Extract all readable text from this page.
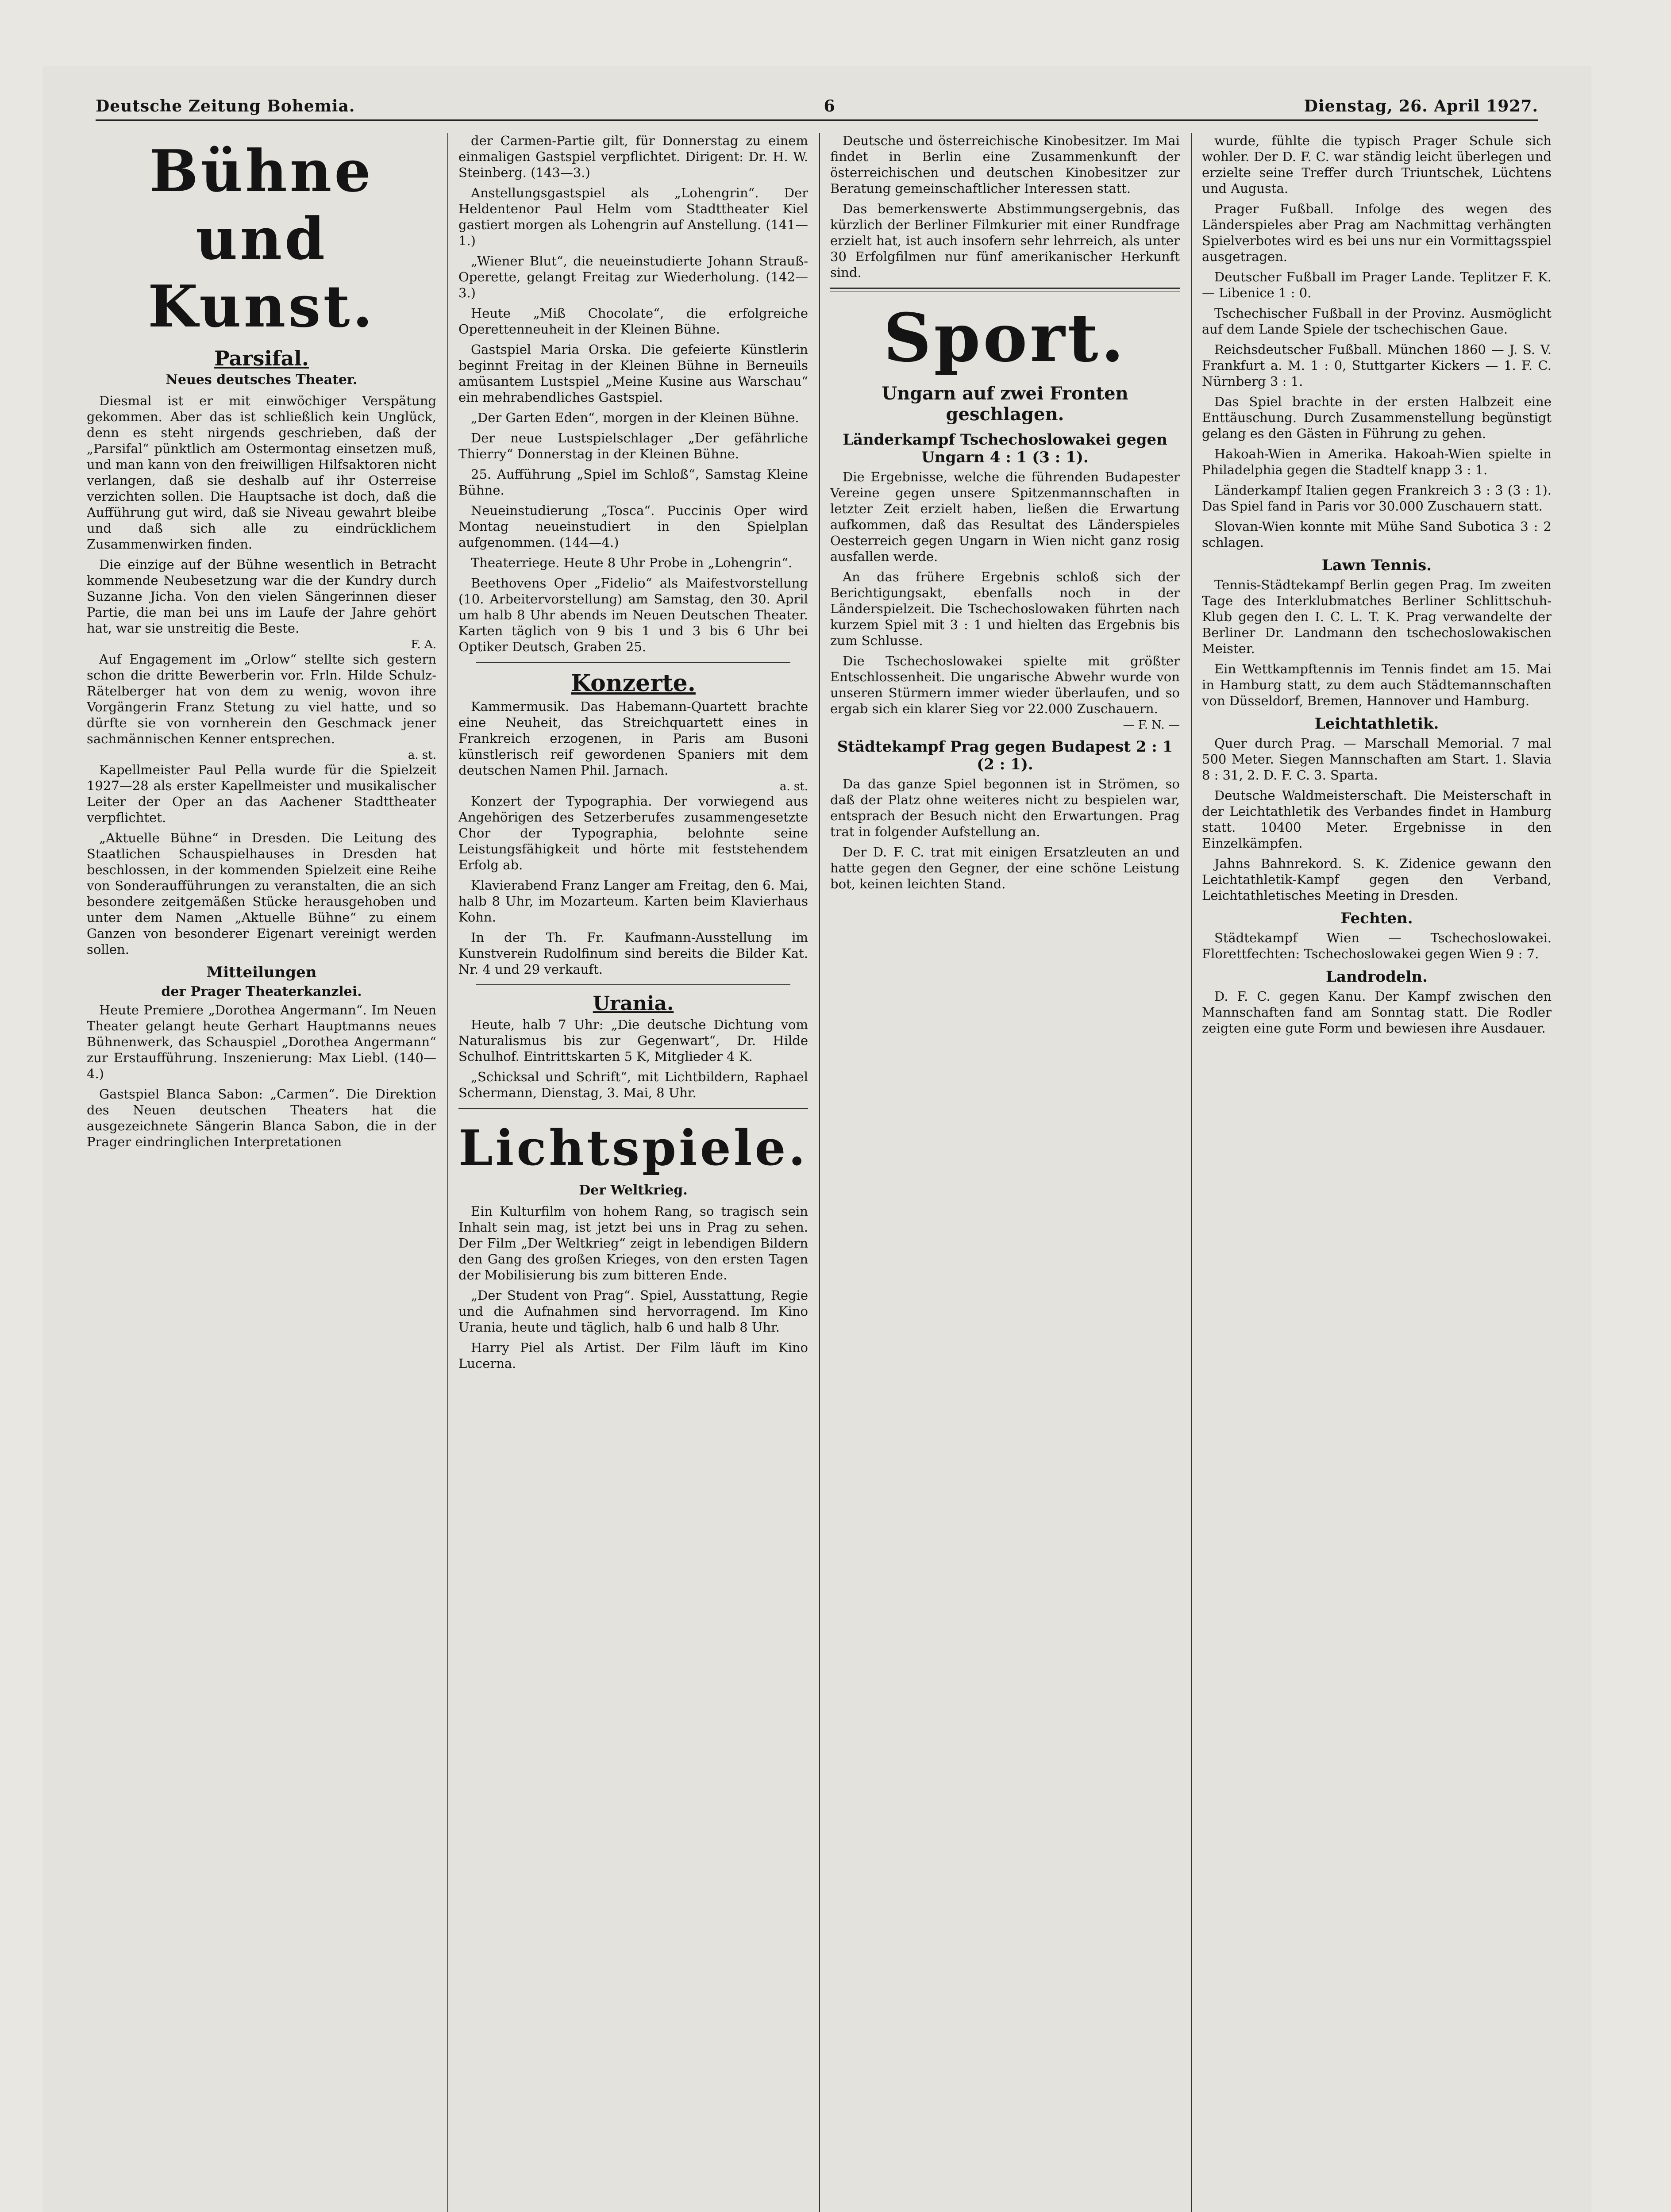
Deutsche Zeitung Bohemia.	6	Dienstag, 26. April 1927.
Bühne und Kunst.
Parsifal.
Neues deutsches Theater.

Diesmal ist er mit einwöchiger Verspätung gekommen. Aber das ist schließlich kein Unglück, denn es steht nirgends geschrieben, daß der „Parsifal“ pünktlich am Ostermontag einsetzen muß, und man kann von den freiwilligen Hilfsaktoren nicht verlangen, daß sie deshalb auf ihr Osterreise verzichten sollen. Die Hauptsache ist doch, daß die Aufführung gut wird, daß sie Niveau gewahrt bleibe und daß sich alle zu eindrücklichem Zusammenwirken finden.

Die einzige auf der Bühne wesentlich in Betracht kommende Neubesetzung war die der Kundry durch Suzanne Jicha. Von den vielen Sängerinnen dieser Partie, die man bei uns im Laufe der Jahre gehört hat, war sie unstreitig die Beste.

F. A.

Auf Engagement im „Orlow“ stellte sich gestern schon die dritte Bewerberin vor. Frln. Hilde Schulz-Rätelberger hat von dem zu wenig, wovon ihre Vorgängerin Franz Stetung zu viel hatte, und so dürfte sie von vornherein den Geschmack jener sachmännischen Kenner entsprechen.

a. st.

Kapellmeister Paul Pella wurde für die Spielzeit 1927—28 als erster Kapellmeister und musikalischer Leiter der Oper an das Aachener Stadttheater verpflichtet.

„Aktuelle Bühne“ in Dresden. Die Leitung des Staatlichen Schauspielhauses in Dresden hat beschlossen, in der kommenden Spielzeit eine Reihe von Sonderaufführungen zu veranstalten, die an sich besondere zeitgemäßen Stücke herausgehoben und unter dem Namen „Aktuelle Bühne“ zu einem Ganzen von besonderer Eigenart vereinigt werden sollen.

Mitteilungen
der Prager Theaterkanzlei.

Heute Premiere „Dorothea Angermann“. Im Neuen Theater gelangt heute Gerhart Hauptmanns neues Bühnenwerk, das Schauspiel „Dorothea Angermann“ zur Erstaufführung. Inszenierung: Max Liebl. (140—4.)

Gastspiel Blanca Sabon: „Carmen“. Die Direktion des Neuen deutschen Theaters hat die ausgezeichnete Sängerin Blanca Sabon, die in der Prager eindringlichen Interpretationen

der Carmen-Partie gilt, für Donnerstag zu einem einmaligen Gastspiel verpflichtet. Dirigent: Dr. H. W. Steinberg. (143—3.)

Anstellungsgastspiel als „Lohengrin“. Der Heldentenor Paul Helm vom Stadttheater Kiel gastiert morgen als Lohengrin auf Anstellung. (141—1.)

„Wiener Blut“, die neueinstudierte Johann Strauß-Operette, gelangt Freitag zur Wiederholung. (142—3.)

Heute „Miß Chocolate“, die erfolgreiche Operettenneuheit in der Kleinen Bühne.

Gastspiel Maria Orska. Die gefeierte Künstlerin beginnt Freitag in der Kleinen Bühne in Berneuils amüsantem Lustspiel „Meine Kusine aus Warschau“ ein mehrabendliches Gastspiel.

„Der Garten Eden“, morgen in der Kleinen Bühne.

Der neue Lustspielschlager „Der gefährliche Thierry“ Donnerstag in der Kleinen Bühne.

25. Aufführung „Spiel im Schloß“, Samstag Kleine Bühne.

Neueinstudierung „Tosca“. Puccinis Oper wird Montag neueinstudiert in den Spielplan aufgenommen. (144—4.)

Theaterriege. Heute 8 Uhr Probe in „Lohengrin“.

Beethovens Oper „Fidelio“ als Maifestvorstellung (10. Arbeitervorstellung) am Samstag, den 30. April um halb 8 Uhr abends im Neuen Deutschen Theater. Karten täglich von 9 bis 1 und 3 bis 6 Uhr bei Optiker Deutsch, Graben 25.

Konzerte.

Kammermusik. Das Habemann-Quartett brachte eine Neuheit, das Streichquartett eines in Frankreich erzogenen, in Paris am Busoni künstlerisch reif gewordenen Spaniers mit dem deutschen Namen Phil. Jarnach.

a. st.

Konzert der Typographia. Der vorwiegend aus Angehörigen des Setzerberufes zusammengesetzte Chor der Typographia, belohnte seine Leistungsfähigkeit und hörte mit feststehendem Erfolg ab.

Klavierabend Franz Langer am Freitag, den 6. Mai, halb 8 Uhr, im Mozarteum. Karten beim Klavierhaus Kohn.

In der Th. Fr. Kaufmann-Ausstellung im Kunstverein Rudolfinum sind bereits die Bilder Kat. Nr. 4 und 29 verkauft.

Urania.

Heute, halb 7 Uhr: „Die deutsche Dichtung vom Naturalismus bis zur Gegenwart“, Dr. Hilde Schulhof. Eintrittskarten 5 K, Mitglieder 4 K.

„Schicksal und Schrift“, mit Lichtbildern, Raphael Schermann, Dienstag, 3. Mai, 8 Uhr.

Lichtspiele.
Der Weltkrieg.

Ein Kulturfilm von hohem Rang, so tragisch sein Inhalt sein mag, ist jetzt bei uns in Prag zu sehen. Der Film „Der Weltkrieg“ zeigt in lebendigen Bildern den Gang des großen Krieges, von den ersten Tagen der Mobilisierung bis zum bitteren Ende.

„Der Student von Prag“. Spiel, Ausstattung, Regie und die Aufnahmen sind hervorragend. Im Kino Urania, heute und täglich, halb 6 und halb 8 Uhr.

Harry Piel als Artist. Der Film läuft im Kino Lucerna.

Deutsche und österreichische Kinobesitzer. Im Mai findet in Berlin eine Zusammenkunft der österreichischen und deutschen Kinobesitzer zur Beratung gemeinschaftlicher Interessen statt.

Das bemerkenswerte Abstimmungsergebnis, das kürzlich der Berliner Filmkurier mit einer Rundfrage erzielt hat, ist auch insofern sehr lehrreich, als unter 30 Erfolgfilmen nur fünf amerikanischer Herkunft sind.

Sport.
Ungarn auf zwei Fronten geschlagen.
Länderkampf Tschechoslowakei gegen Ungarn 4 : 1 (3 : 1).

Die Ergebnisse, welche die führenden Budapester Vereine gegen unsere Spitzenmannschaften in letzter Zeit erzielt haben, ließen die Erwartung aufkommen, daß das Resultat des Länderspieles Oesterreich gegen Ungarn in Wien nicht ganz rosig ausfallen werde.

An das frühere Ergebnis schloß sich der Berichtigungsakt, ebenfalls noch in der Länderspielzeit. Die Tschechoslowaken führten nach kurzem Spiel mit 3 : 1 und hielten das Ergebnis bis zum Schlusse.

Die Tschechoslowakei spielte mit größter Entschlossenheit. Die ungarische Abwehr wurde von unseren Stürmern immer wieder überlaufen, und so ergab sich ein klarer Sieg vor 22.000 Zuschauern.

— F. N. —
Städtekampf Prag gegen Budapest 2 : 1 (2 : 1).

Da das ganze Spiel begonnen ist in Strömen, so daß der Platz ohne weiteres nicht zu bespielen war, entsprach der Besuch nicht den Erwartungen. Prag trat in folgender Aufstellung an.

Der D. F. C. trat mit einigen Ersatzleuten an und hatte gegen den Gegner, der eine schöne Leistung bot, keinen leichten Stand.

wurde, fühlte die typisch Prager Schule sich wohler. Der D. F. C. war ständig leicht überlegen und erzielte seine Treffer durch Triuntschek, Lüchtens und Augusta.

Prager Fußball. Infolge des wegen des Länderspieles aber Prag am Nachmittag verhängten Spielverbotes wird es bei uns nur ein Vormittagsspiel ausgetragen.

Deutscher Fußball im Prager Lande. Teplitzer F. K. — Libenice 1 : 0.

Tschechischer Fußball in der Provinz. Ausmöglicht auf dem Lande Spiele der tschechischen Gaue.

Reichsdeutscher Fußball. München 1860 — J. S. V. Frankfurt a. M. 1 : 0, Stuttgarter Kickers — 1. F. C. Nürnberg 3 : 1.

Das Spiel brachte in der ersten Halbzeit eine Enttäuschung. Durch Zusammenstellung begünstigt gelang es den Gästen in Führung zu gehen.

Hakoah-Wien in Amerika. Hakoah-Wien spielte in Philadelphia gegen die Stadtelf knapp 3 : 1.

Länderkampf Italien gegen Frankreich 3 : 3 (3 : 1). Das Spiel fand in Paris vor 30.000 Zuschauern statt.

Slovan-Wien konnte mit Mühe Sand Subotica 3 : 2 schlagen.

Lawn Tennis.

Tennis-Städtekampf Berlin gegen Prag. Im zweiten Tage des Interklubmatches Berliner Schlittschuh-Klub gegen den I. C. L. T. K. Prag verwandelte der Berliner Dr. Landmann den tschechoslowakischen Meister.

Ein Wettkampftennis im Tennis findet am 15. Mai in Hamburg statt, zu dem auch Städtemannschaften von Düsseldorf, Bremen, Hannover und Hamburg.

Leichtathletik.

Quer durch Prag. — Marschall Memorial. 7 mal 500 Meter. Siegen Mannschaften am Start. 1. Slavia 8 : 31, 2. D. F. C. 3. Sparta.

Deutsche Waldmeisterschaft. Die Meisterschaft in der Leichtathletik des Verbandes findet in Hamburg statt. 10400 Meter. Ergebnisse in den Einzelkämpfen.

Jahns Bahnrekord. S. K. Zidenice gewann den Leichtathletik-Kampf gegen den Verband, Leichtathletisches Meeting in Dresden.

Fechten.

Städtekampf Wien — Tschechoslowakei. Florettfechten: Tschechoslowakei gegen Wien 9 : 7.

Landrodeln.

D. F. C. gegen Kanu. Der Kampf zwischen den Mannschaften fand am Sonntag statt. Die Rodler zeigten eine gute Form und bewiesen ihre Ausdauer.
